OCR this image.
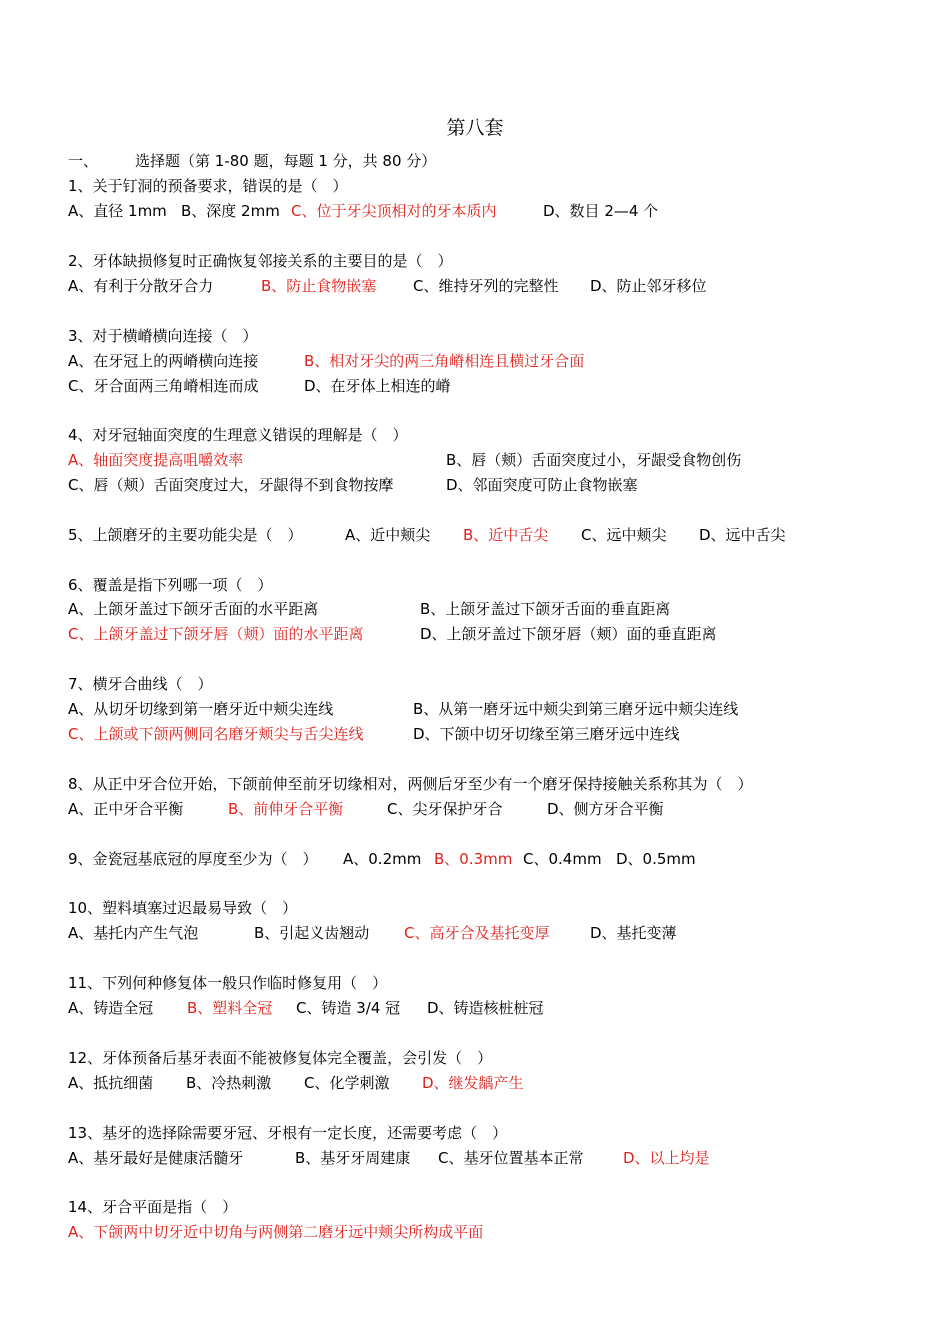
第八套
一、 选择题（第 1-80 题，每题 1 分，共 80 分）
1、关于钉洞的预备要求，错误的是（　）
A、直径 1mm B、深度 2mm C、位于牙尖顶相对的牙本质内	D、数目 2—4 个
2、牙体缺损修复时正确恢复邻接关系的主要目的是（　）
A、有利于分散牙合力	B、防止食物嵌塞 C、维持牙列的完整性 D、防止邻牙移位
3、对于横嵴横向连接（　）
A、在牙冠上的两嵴横向连接	B、相对牙尖的两三角嵴相连且横过牙合面
C、牙合面两三角嵴相连而成	D、在牙体上相连的嵴
4、对牙冠轴面突度的生理意义错误的理解是（　）
A、轴面突度提高咀嚼效率	B、唇（颊）舌面突度过小，牙龈受食物创伤
C、唇（颊）舌面突度过大，牙龈得不到食物按摩	D、邻面突度可防止食物嵌塞
5、上颌磨牙的主要功能尖是（　）	A、近中颊尖 B、近中舌尖 C、远中颊尖 D、远中舌尖
6、覆盖是指下列哪一项（　）
A、上颌牙盖过下颌牙舌面的水平距离	B、上颌牙盖过下颌牙舌面的垂直距离
C、上颌牙盖过下颌牙唇（颊）面的水平距离	D、上颌牙盖过下颌牙唇（颊）面的垂直距离
7、横牙合曲线（　）
A、从切牙切缘到第一磨牙近中颊尖连线	B、从第一磨牙远中颊尖到第三磨牙远中颊尖连线
C、上颌或下颌两侧同名磨牙颊尖与舌尖连线	D、下颌中切牙切缘至第三磨牙远中连线
8、从正中牙合位开始，下颌前伸至前牙切缘相对，两侧后牙至少有一个磨牙保持接触关系称其为（　）
A、正中牙合平衡	B、前伸牙合平衡	C、尖牙保护牙合	D、侧方牙合平衡
9、金瓷冠基底冠的厚度至少为（　） A、0.2mm B、0.3mm C、0.4mm D、0.5mm
10、塑料填塞过迟最易导致（　）
A、基托内产生气泡	B、引起义齿翘动 C、高牙合及基托变厚	D、基托变薄
11、下列何种修复体一般只作临时修复用（　）
A、铸造全冠 B、塑料全冠 C、铸造 3/4 冠 D、铸造核桩桩冠
12、牙体预备后基牙表面不能被修复体完全覆盖，会引发（　）
A、抵抗细菌 B、冷热刺激 C、化学刺激 D、继发龋产生
13、基牙的选择除需要牙冠、牙根有一定长度，还需要考虑（　）
A、基牙最好是健康活髓牙	B、基牙牙周建康 C、基牙位置基本正常	D、以上均是
14、牙合平面是指（　）
A、下颌两中切牙近中切角与两侧第二磨牙远中颊尖所构成平面
